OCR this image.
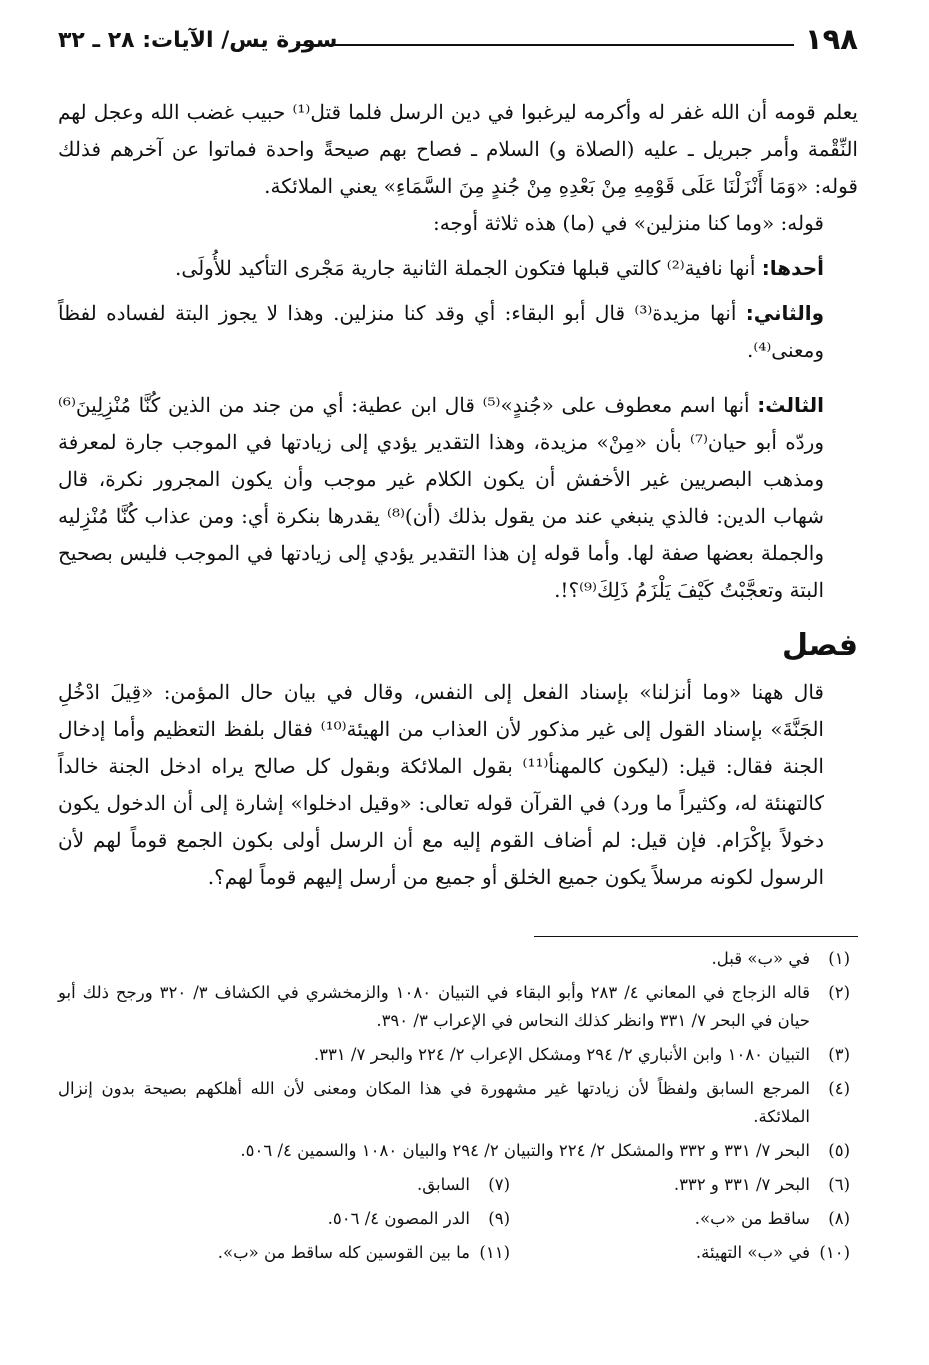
١٩٨
سورة يس/ الآيات: ٢٨ ـ ٣٢

يعلم قومه أن الله غفر له وأكرمه ليرغبوا في دين الرسل فلما قتل⁽¹⁾ حبيب غضب الله وعجل لهم النِّقْمة وأمر جبريل ـ عليه (الصلاة و) السلام ـ فصاح بهم صيحةً واحدة فماتوا عن آخرهم فذلك قوله: «وَمَا أَنْزَلْنَا عَلَى قَوْمِهِ مِنْ بَعْدِهِ مِنْ جُندٍ مِنَ السَّمَاءِ» يعني الملائكة.

قوله: «وما كنا منزلين» في (ما) هذه ثلاثة أوجه:

أحدها: أنها نافية⁽²⁾ كالتي قبلها فتكون الجملة الثانية جارية مَجْرى التأكيد للأُولَى.

والثاني: أنها مزيدة⁽³⁾ قال أبو البقاء: أي وقد كنا منزلين. وهذا لا يجوز البتة لفساده لفظاً ومعنى⁽⁴⁾.

الثالث: أنها اسم معطوف على «جُندٍ»⁽⁵⁾ قال ابن عطية: أي من جند من الذين كُنَّا مُنْزِلِينَ⁽⁶⁾ وردّه أبو حيان⁽⁷⁾ بأن «مِنْ» مزيدة، وهذا التقدير يؤدي إلى زيادتها في الموجب جارة لمعرفة ومذهب البصريين غير الأخفش أن يكون الكلام غير موجب وأن يكون المجرور نكرة، قال شهاب الدين: فالذي ينبغي عند من يقول بذلك (أن)⁽⁸⁾ يقدرها بنكرة أي: ومن عذاب كُنَّا مُنْزِليه والجملة بعضها صفة لها. وأما قوله إن هذا التقدير يؤدي إلى زيادتها في الموجب فليس بصحيح البتة وتعجَّبْتُ كَيْفَ يَلْزَمُ ذَلِكَ⁽⁹⁾؟!.

فصل

قال ههنا «وما أنزلنا» بإسناد الفعل إلى النفس، وقال في بيان حال المؤمن: «قِيلَ ادْخُلِ الجَنَّةَ» بإسناد القول إلى غير مذكور لأن العذاب من الهيئة⁽¹⁰⁾ فقال بلفظ التعظيم وأما إدخال الجنة فقال: قيل: (ليكون كالمهنأ⁽¹¹⁾ بقول الملائكة وبقول كل صالح يراه ادخل الجنة خالداً كالتهنئة له، وكثيراً ما ورد) في القرآن قوله تعالى: «وقيل ادخلوا» إشارة إلى أن الدخول يكون دخولاً بإكْرَام. فإن قيل: لم أضاف القوم إليه مع أن الرسل أولى بكون الجمع قوماً لهم لأن الرسول لكونه مرسلاً يكون جميع الخلق أو جميع من أرسل إليهم قوماً لهم؟.

(١)
في «ب» قبل.
(٢)
قاله الزجاج في المعاني ٤/ ٢٨٣ وأبو البقاء في التبيان ١٠٨٠ والزمخشري في الكشاف ٣/ ٣٢٠ ورجح ذلك أبو حيان في البحر ٧/ ٣٣١ وانظر كذلك النحاس في الإعراب ٣/ ٣٩٠.
(٣)
التبيان ١٠٨٠ وابن الأنباري ٢/ ٢٩٤ ومشكل الإعراب ٢/ ٢٢٤ والبحر ٧/ ٣٣١.
(٤)
المرجع السابق ولفظاً لأن زيادتها غير مشهورة في هذا المكان ومعنى لأن الله أهلكهم بصيحة بدون إنزال الملائكة.
(٥)
البحر ٧/ ٣٣١ و ٣٣٢ والمشكل ٢/ ٢٢٤ والتبيان ٢/ ٢٩٤ والبيان ١٠٨٠ والسمين ٤/ ٥٠٦.
(٦)
البحر ٧/ ٣٣١ و ٣٣٢.
(٧)
السابق.
(٨)
ساقط من «ب».
(٩)
الدر المصون ٤/ ٥٠٦.
(١٠)
في «ب» التهيئة.
(١١)
ما بين القوسين كله ساقط من «ب».
